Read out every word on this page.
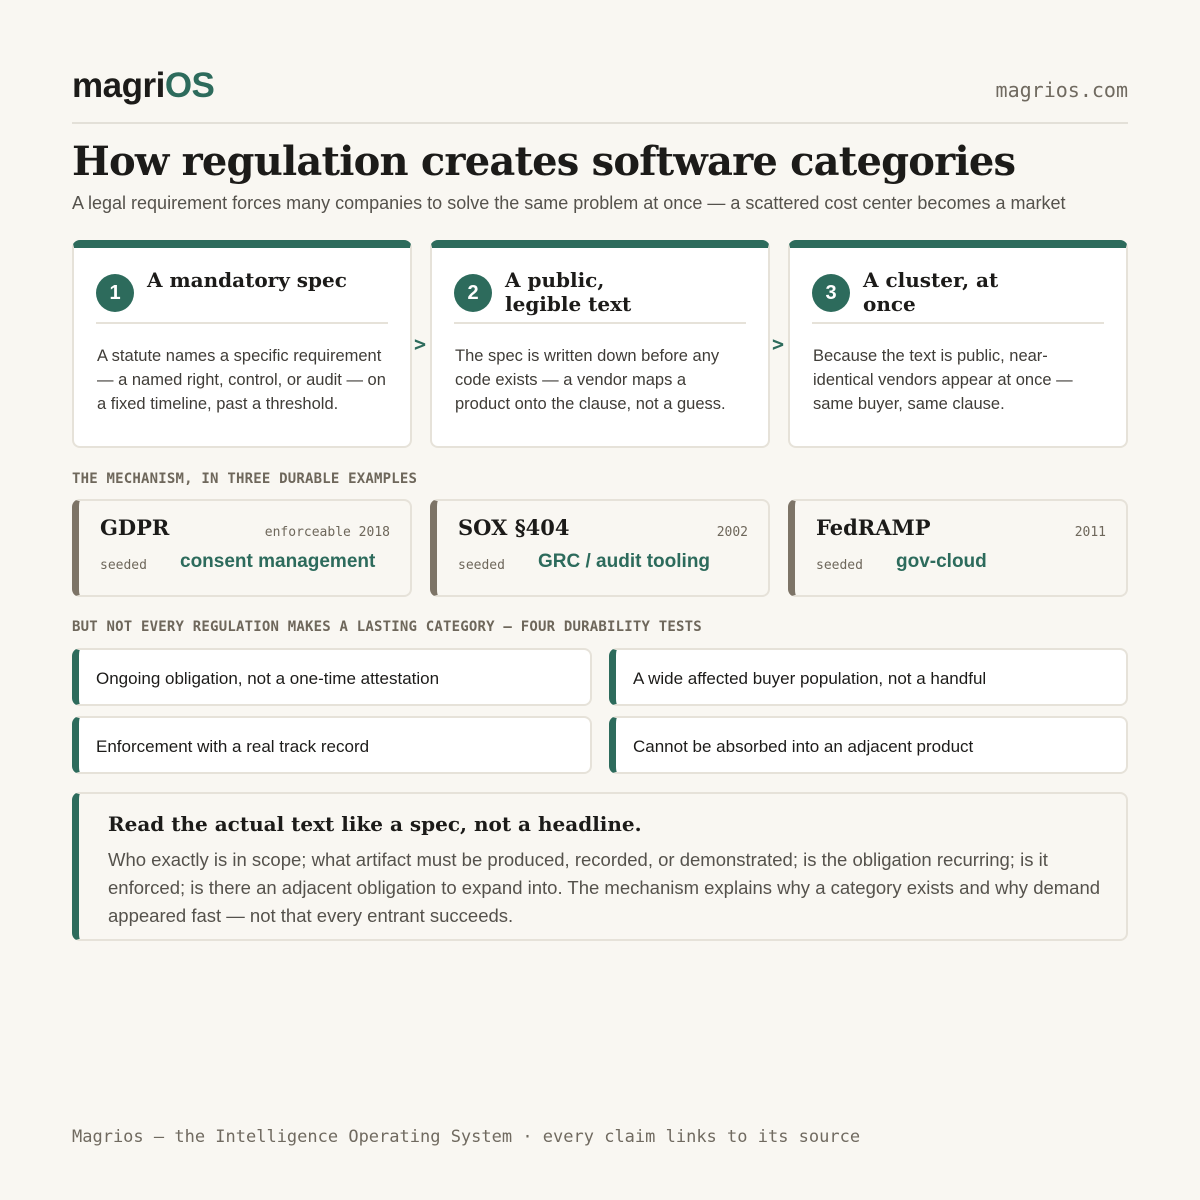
magriOS	magrios.com
How regulation creates software categories

A legal requirement forces many companies to solve the same problem at once — a scattered cost center becomes a market

1
A mandatory spec
A statute names a specific requirement — a named right, control, or audit — on a fixed timeline, past a threshold.
>
2
A public, legible text
The spec is written down before any code exists — a vendor maps a product onto the clause, not a guess.
>
3
A cluster, at once
Because the text is public, near-identical vendors appear at once — same buyer, same clause.
THE MECHANISM, IN THREE DURABLE EXAMPLES
GDPR	enforceable 2018
seeded consent management
SOX §404	2002
seeded GRC / audit tooling
FedRAMP	2011
seeded gov-cloud
BUT NOT EVERY REGULATION MAKES A LASTING CATEGORY — FOUR DURABILITY TESTS
Ongoing obligation, not a one-time attestation	A wide affected buyer population, not a handful
Enforcement with a real track record	Cannot be absorbed into an adjacent product
Read the actual text like a spec, not a headline.
Who exactly is in scope; what artifact must be produced, recorded, or demonstrated; is the obligation recurring; is it enforced; is there an adjacent obligation to expand into. The mechanism explains why a category exists and why demand appeared fast — not that every entrant succeeds.
Magrios — the Intelligence Operating System · every claim links to its source
